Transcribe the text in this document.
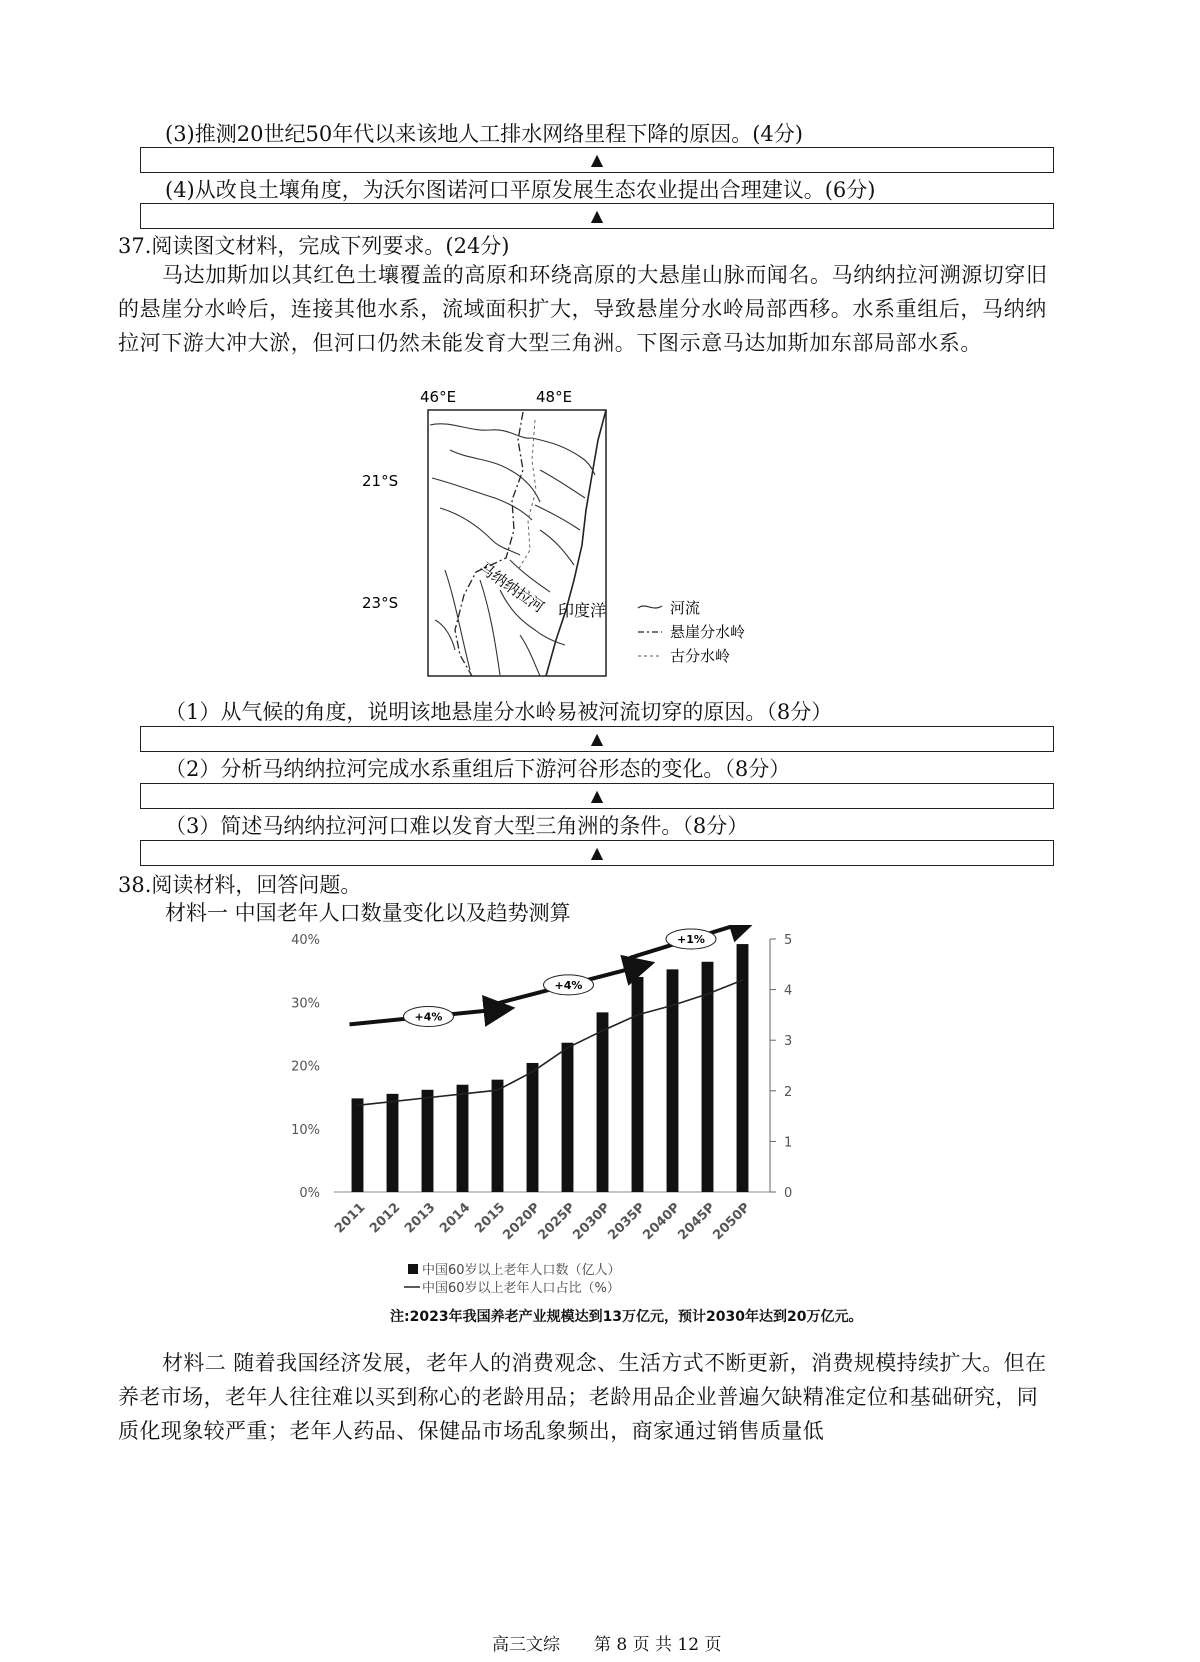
(3)推测20世纪50年代以来该地人工排水网络里程下降的原因。(4分)
▲
(4)从改良土壤角度，为沃尔图诺河口平原发展生态农业提出合理建议。(6分)
▲
37.阅读图文材料，完成下列要求。(24分)
马达加斯加以其红色土壤覆盖的高原和环绕高原的大悬崖山脉而闻名。马纳纳拉河溯源切穿旧的悬崖分水岭后，连接其他水系，流域面积扩大，导致悬崖分水岭局部西移。水系重组后，马纳纳拉河下游大冲大淤，但河口仍然未能发育大型三角洲。下图示意马达加斯加东部局部水系。
46°E	48°E
21°S
23°S	马纳纳拉河 印度洋	河流
悬崖分水岭
古分水岭
（1）从气候的角度，说明该地悬崖分水岭易被河流切穿的原因。（8分）
▲
（2）分析马纳纳拉河完成水系重组后下游河谷形态的变化。（8分）
▲
（3）简述马纳纳拉河河口难以发育大型三角洲的条件。（8分）
▲
38.阅读材料，回答问题。
材料一 中国老年人口数量变化以及趋势测算
0%
10%
20%
30%
40%
0
1
2
3
4
5
+4%
+4%
+1%
2011
2012
2013
2014
2015
2020P
2025P
2030P
2035P
2040P
2045P
2050P
中国60岁以上老年人口数（亿人）
中国60岁以上老年人口占比（%）
注:2023年我国养老产业规模达到13万亿元，预计2030年达到20万亿元。
材料二 随着我国经济发展，老年人的消费观念、生活方式不断更新，消费规模持续扩大。但在养老市场，老年人往往难以买到称心的老龄用品；老龄用品企业普遍欠缺精准定位和基础研究，同质化现象较严重；老年人药品、保健品市场乱象频出，商家通过销售质量低
高三文综 第 8 页 共 12 页
